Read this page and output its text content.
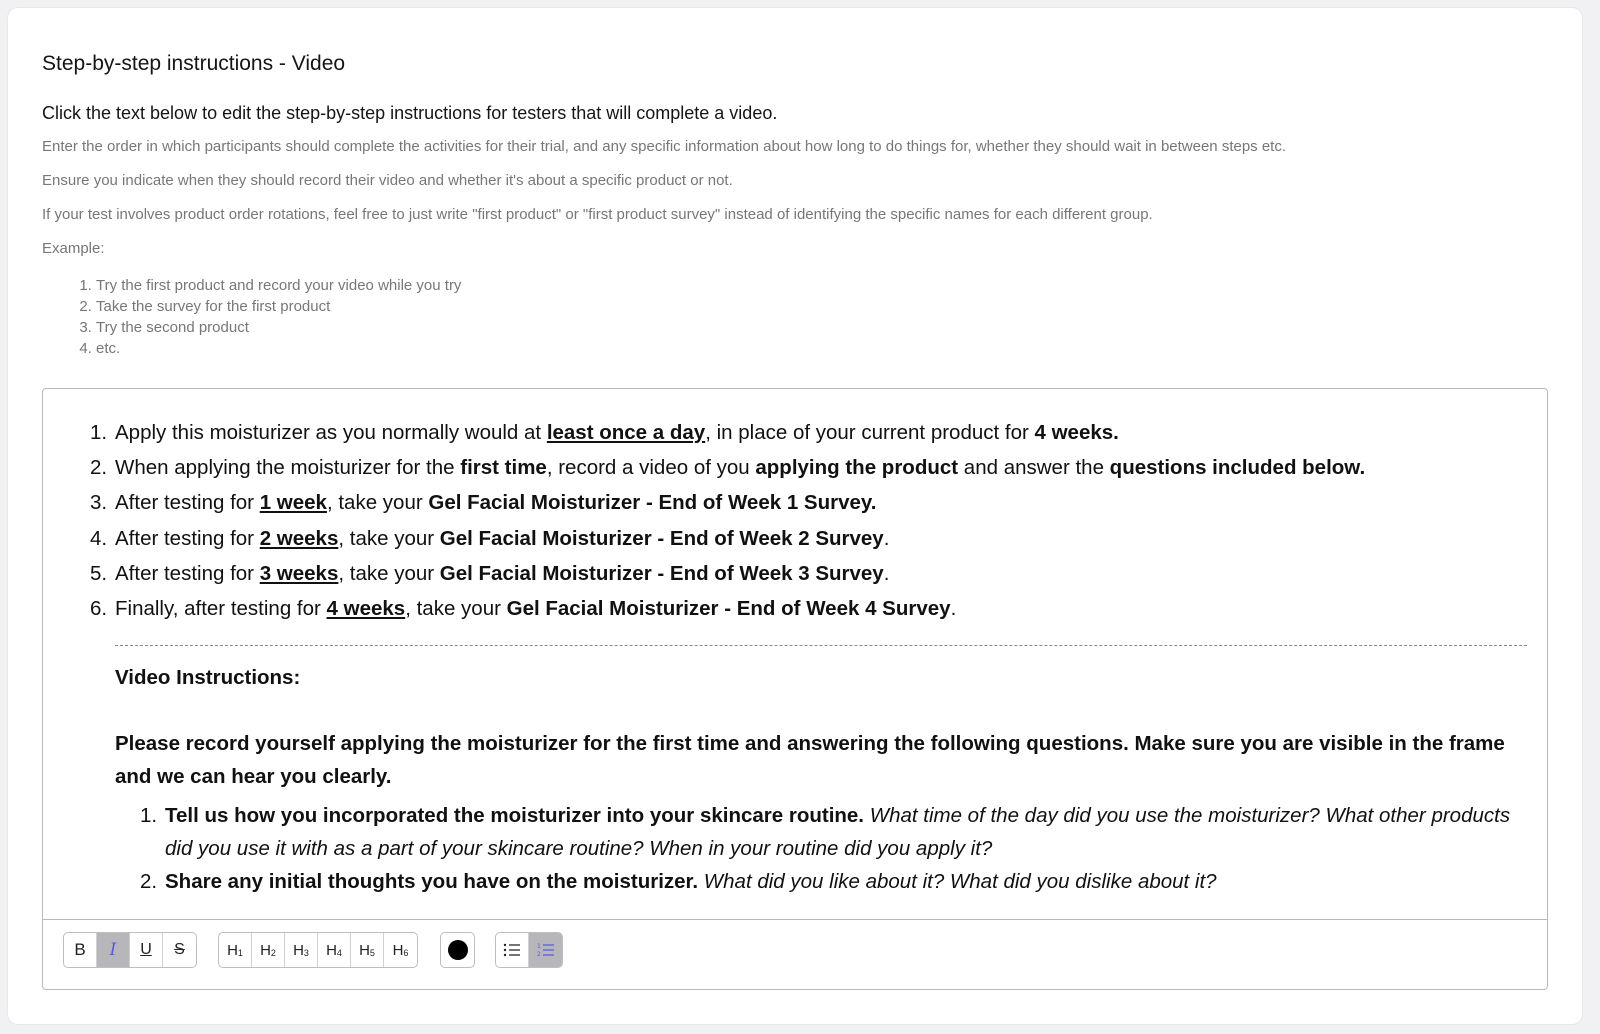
Step-by-step instructions - Video
Click the text below to edit the step-by-step instructions for testers that will complete a video.
Enter the order in which participants should complete the activities for their trial, and any specific information about how long to do things for, whether they should wait in between steps etc.
Ensure you indicate when they should record their video and whether it's about a specific product or not.
If your test involves product order rotations, feel free to just write "first product" or "first product survey" instead of identifying the specific names for each different group.
Example:
1. Try the first product and record your video while you try
2. Take the survey for the first product
3. Try the second product
4. etc.
1. Apply this moisturizer as you normally would at least once a day, in place of your current product for 4 weeks.
2. When applying the moisturizer for the first time, record a video of you applying the product and answer the questions included below.
3. After testing for 1 week, take your Gel Facial Moisturizer - End of Week 1 Survey.
4. After testing for 2 weeks, take your Gel Facial Moisturizer - End of Week 2 Survey.
5. After testing for 3 weeks, take your Gel Facial Moisturizer - End of Week 3 Survey.
6. Finally, after testing for 4 weeks, take your Gel Facial Moisturizer - End of Week 4 Survey.
Video Instructions:
Please record yourself applying the moisturizer for the first time and answering the following questions. Make sure you are visible in the frame and we can hear you clearly.
1. Tell us how you incorporated the moisturizer into your skincare routine. What time of the day did you use the moisturizer? What other products did you use it with as a part of your skincare routine? When in your routine did you apply it?
2. Share any initial thoughts you have on the moisturizer. What did you like about it? What did you dislike about it?
B I U S	H 1 H 2 H 3 H 4 H 5 H 6
1
2
